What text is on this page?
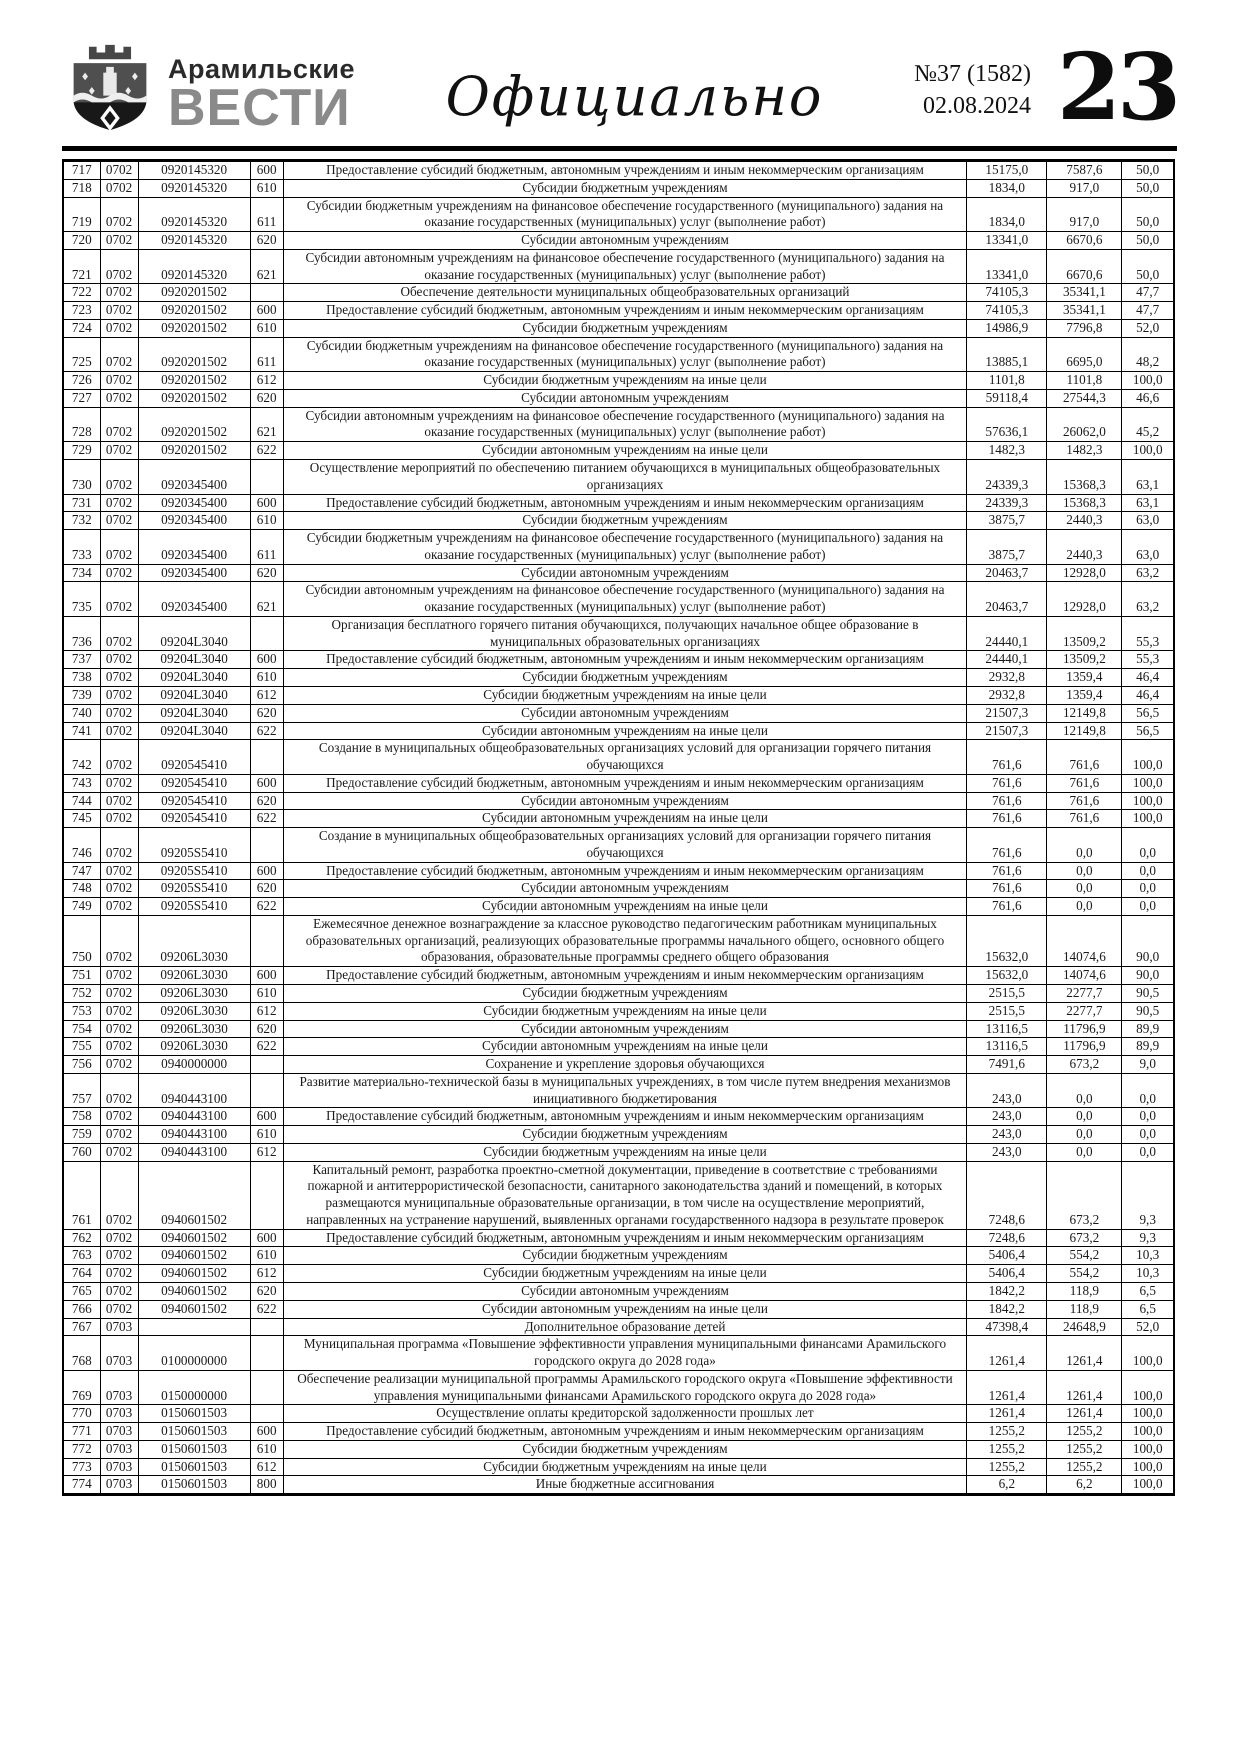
Арамильские
ВЕСТИ	Официально	№37 (1582)
02.08.2024 23
717	0702	0920145320	600	Предоставление субсидий бюджетным, автономным учреждениям и иным некоммерческим организациям	15175,0	7587,6	50,0
718	0702	0920145320	610	Субсидии бюджетным учреждениям	1834,0	917,0	50,0
719	0702	0920145320	611	Субсидии бюджетным учреждениям на финансовое обеспечение государственного (муниципального) задания на оказание государственных (муниципальных) услуг (выполнение работ)	1834,0	917,0	50,0
720	0702	0920145320	620	Субсидии автономным учреждениям	13341,0	6670,6	50,0
721	0702	0920145320	621	Субсидии автономным учреждениям на финансовое обеспечение государственного (муниципального) задания на оказание государственных (муниципальных) услуг (выполнение работ)	13341,0	6670,6	50,0
722	0702	0920201502		Обеспечение деятельности муниципальных общеобразовательных организаций	74105,3	35341,1	47,7
723	0702	0920201502	600	Предоставление субсидий бюджетным, автономным учреждениям и иным некоммерческим организациям	74105,3	35341,1	47,7
724	0702	0920201502	610	Субсидии бюджетным учреждениям	14986,9	7796,8	52,0
725	0702	0920201502	611	Субсидии бюджетным учреждениям на финансовое обеспечение государственного (муниципального) задания на оказание государственных (муниципальных) услуг (выполнение работ)	13885,1	6695,0	48,2
726	0702	0920201502	612	Субсидии бюджетным учреждениям на иные цели	1101,8	1101,8	100,0
727	0702	0920201502	620	Субсидии автономным учреждениям	59118,4	27544,3	46,6
728	0702	0920201502	621	Субсидии автономным учреждениям на финансовое обеспечение государственного (муниципального) задания на оказание государственных (муниципальных) услуг (выполнение работ)	57636,1	26062,0	45,2
729	0702	0920201502	622	Субсидии автономным учреждениям на иные цели	1482,3	1482,3	100,0
730	0702	0920345400		Осуществление мероприятий по обеспечению питанием обучающихся в муниципальных общеобразовательных организациях	24339,3	15368,3	63,1
731	0702	0920345400	600	Предоставление субсидий бюджетным, автономным учреждениям и иным некоммерческим организациям	24339,3	15368,3	63,1
732	0702	0920345400	610	Субсидии бюджетным учреждениям	3875,7	2440,3	63,0
733	0702	0920345400	611	Субсидии бюджетным учреждениям на финансовое обеспечение государственного (муниципального) задания на оказание государственных (муниципальных) услуг (выполнение работ)	3875,7	2440,3	63,0
734	0702	0920345400	620	Субсидии автономным учреждениям	20463,7	12928,0	63,2
735	0702	0920345400	621	Субсидии автономным учреждениям на финансовое обеспечение государственного (муниципального) задания на оказание государственных (муниципальных) услуг (выполнение работ)	20463,7	12928,0	63,2
736	0702	09204L3040		Организация бесплатного горячего питания обучающихся, получающих начальное общее образование в муниципальных образовательных организациях	24440,1	13509,2	55,3
737	0702	09204L3040	600	Предоставление субсидий бюджетным, автономным учреждениям и иным некоммерческим организациям	24440,1	13509,2	55,3
738	0702	09204L3040	610	Субсидии бюджетным учреждениям	2932,8	1359,4	46,4
739	0702	09204L3040	612	Субсидии бюджетным учреждениям на иные цели	2932,8	1359,4	46,4
740	0702	09204L3040	620	Субсидии автономным учреждениям	21507,3	12149,8	56,5
741	0702	09204L3040	622	Субсидии автономным учреждениям на иные цели	21507,3	12149,8	56,5
742	0702	0920545410		Создание в муниципальных общеобразовательных организациях условий для организации горячего питания обучающихся	761,6	761,6	100,0
743	0702	0920545410	600	Предоставление субсидий бюджетным, автономным учреждениям и иным некоммерческим организациям	761,6	761,6	100,0
744	0702	0920545410	620	Субсидии автономным учреждениям	761,6	761,6	100,0
745	0702	0920545410	622	Субсидии автономным учреждениям на иные цели	761,6	761,6	100,0
746	0702	09205S5410		Создание в муниципальных общеобразовательных организациях условий для организации горячего питания обучающихся	761,6	0,0	0,0
747	0702	09205S5410	600	Предоставление субсидий бюджетным, автономным учреждениям и иным некоммерческим организациям	761,6	0,0	0,0
748	0702	09205S5410	620	Субсидии автономным учреждениям	761,6	0,0	0,0
749	0702	09205S5410	622	Субсидии автономным учреждениям на иные цели	761,6	0,0	0,0
750	0702	09206L3030		Ежемесячное денежное вознаграждение за классное руководство педагогическим работникам муниципальных образовательных организаций, реализующих образовательные программы начального общего, основного общего образования, образовательные программы среднего общего образования	15632,0	14074,6	90,0
751	0702	09206L3030	600	Предоставление субсидий бюджетным, автономным учреждениям и иным некоммерческим организациям	15632,0	14074,6	90,0
752	0702	09206L3030	610	Субсидии бюджетным учреждениям	2515,5	2277,7	90,5
753	0702	09206L3030	612	Субсидии бюджетным учреждениям на иные цели	2515,5	2277,7	90,5
754	0702	09206L3030	620	Субсидии автономным учреждениям	13116,5	11796,9	89,9
755	0702	09206L3030	622	Субсидии автономным учреждениям на иные цели	13116,5	11796,9	89,9
756	0702	0940000000		Сохранение и укрепление здоровья обучающихся	7491,6	673,2	9,0
757	0702	0940443100		Развитие материально-технической базы в муниципальных учреждениях, в том числе путем внедрения механизмов инициативного бюджетирования	243,0	0,0	0,0
758	0702	0940443100	600	Предоставление субсидий бюджетным, автономным учреждениям и иным некоммерческим организациям	243,0	0,0	0,0
759	0702	0940443100	610	Субсидии бюджетным учреждениям	243,0	0,0	0,0
760	0702	0940443100	612	Субсидии бюджетным учреждениям на иные цели	243,0	0,0	0,0
761	0702	0940601502		Капитальный ремонт, разработка проектно-сметной документации, приведение в соответствие с требованиями пожарной и антитеррористической безопасности, санитарного законодательства зданий и помещений, в которых размещаются муниципальные образовательные организации, в том числе на осуществление мероприятий, направленных на устранение нарушений, выявленных органами государственного надзора в результате проверок	7248,6	673,2	9,3
762	0702	0940601502	600	Предоставление субсидий бюджетным, автономным учреждениям и иным некоммерческим организациям	7248,6	673,2	9,3
763	0702	0940601502	610	Субсидии бюджетным учреждениям	5406,4	554,2	10,3
764	0702	0940601502	612	Субсидии бюджетным учреждениям на иные цели	5406,4	554,2	10,3
765	0702	0940601502	620	Субсидии автономным учреждениям	1842,2	118,9	6,5
766	0702	0940601502	622	Субсидии автономным учреждениям на иные цели	1842,2	118,9	6,5
767	0703			Дополнительное образование детей	47398,4	24648,9	52,0
768	0703	0100000000		Муниципальная программа «Повышение эффективности управления муниципальными финансами Арамильского городского округа до 2028 года»	1261,4	1261,4	100,0
769	0703	0150000000		Обеспечение реализации муниципальной программы Арамильского городского округа «Повышение эффективности управления муниципальными финансами Арамильского городского округа до 2028 года»	1261,4	1261,4	100,0
770	0703	0150601503		Осуществление оплаты кредиторской задолженности прошлых лет	1261,4	1261,4	100,0
771	0703	0150601503	600	Предоставление субсидий бюджетным, автономным учреждениям и иным некоммерческим организациям	1255,2	1255,2	100,0
772	0703	0150601503	610	Субсидии бюджетным учреждениям	1255,2	1255,2	100,0
773	0703	0150601503	612	Субсидии бюджетным учреждениям на иные цели	1255,2	1255,2	100,0
774	0703	0150601503	800	Иные бюджетные ассигнования	6,2	6,2	100,0
